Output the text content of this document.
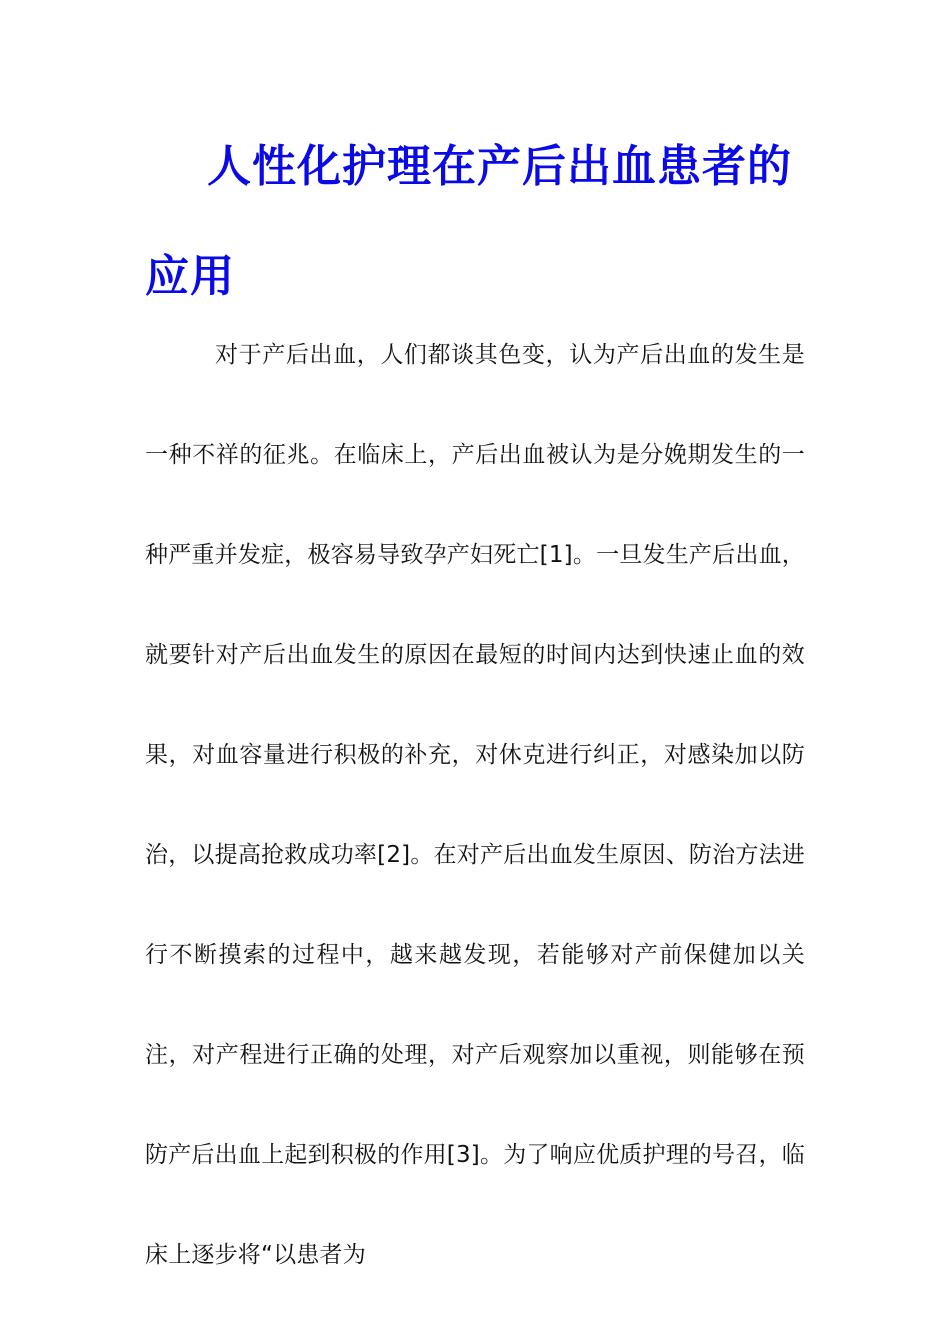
人性化护理在产后出血患者的应用

对于产后出血，人们都谈其色变，认为产后出血的发生是一种不祥的征兆。在临床上，产后出血被认为是分娩期发生的一种严重并发症，极容易导致孕产妇死亡[1]。一旦发生产后出血，就要针对产后出血发生的原因在最短的时间内达到快速止血的效果，对血容量进行积极的补充，对休克进行纠正，对感染加以防治，以提高抢救成功率[2]。在对产后出血发生原因、防治方法进行不断摸索的过程中，越来越发现，若能够对产前保健加以关注，对产程进行正确的处理，对产后观察加以重视，则能够在预防产后出血上起到积极的作用[3]。为了响应优质护理的号召，临床上逐步将“以患者为
